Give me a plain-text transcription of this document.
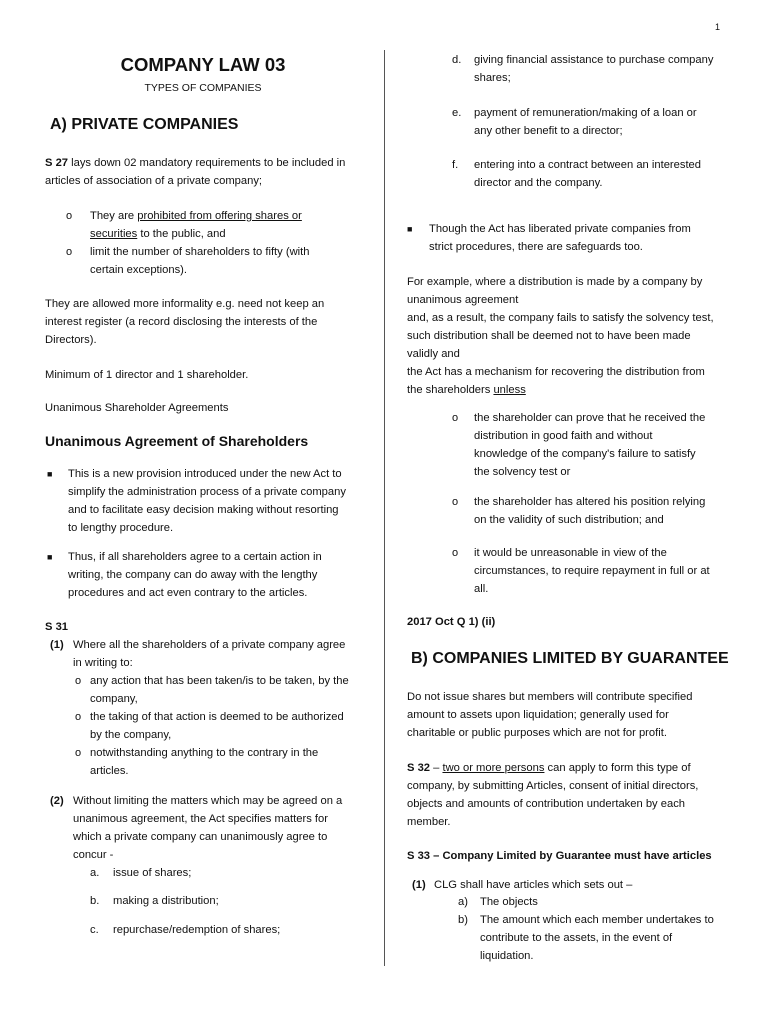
1
COMPANY LAW 03
TYPES OF COMPANIES
A) PRIVATE COMPANIES
S 27 lays down 02 mandatory requirements to be included in
articles of association of a private company;
o They are prohibited from offering shares or
securities to the public, and
o limit the number of shareholders to fifty (with
certain exceptions).
They are allowed more informality e.g. need not keep an
interest register (a record disclosing the interests of the
Directors).
Minimum of 1 director and 1 shareholder.
Unanimous Shareholder Agreements
Unanimous Agreement of Shareholders
■ This is a new provision introduced under the new Act to
simplify the administration process of a private company
and to facilitate easy decision making without resorting
to lengthy procedure.
■ Thus, if all shareholders agree to a certain action in
writing, the company can do away with the lengthy
procedures and act even contrary to the articles.
S 31
(1) Where all the shareholders of a private company agree
in writing to:
o any action that has been taken/is to be taken, by the
company,
o the taking of that action is deemed to be authorized
by the company,
o notwithstanding anything to the contrary in the
articles.
(2) Without limiting the matters which may be agreed on a
unanimous agreement, the Act specifies matters for
which a private company can unanimously agree to
concur -
a. issue of shares;
b. making a distribution;
c. repurchase/redemption of shares;
d. giving financial assistance to purchase company
shares;
e. payment of remuneration/making of a loan or
any other benefit to a director;
f. entering into a contract between an interested
director and the company.
■ Though the Act has liberated private companies from
strict procedures, there are safeguards too.
For example, where a distribution is made by a company by
unanimous agreement
and, as a result, the company fails to satisfy the solvency test,
such distribution shall be deemed not to have been made
validly and
the Act has a mechanism for recovering the distribution from
the shareholders unless
o the shareholder can prove that he received the
distribution in good faith and without
knowledge of the company's failure to satisfy
the solvency test or
o the shareholder has altered his position relying
on the validity of such distribution; and
o it would be unreasonable in view of the
circumstances, to require repayment in full or at
all.
2017 Oct Q 1) (ii)
B) COMPANIES LIMITED BY GUARANTEE
Do not issue shares but members will contribute specified
amount to assets upon liquidation; generally used for
charitable or public purposes which are not for profit.
S 32 – two or more persons can apply to form this type of
company, by submitting Articles, consent of initial directors,
objects and amounts of contribution undertaken by each
member.
S 33 – Company Limited by Guarantee must have articles
(1) CLG shall have articles which sets out –
a) The objects
b) The amount which each member undertakes to
contribute to the assets, in the event of
liquidation.
